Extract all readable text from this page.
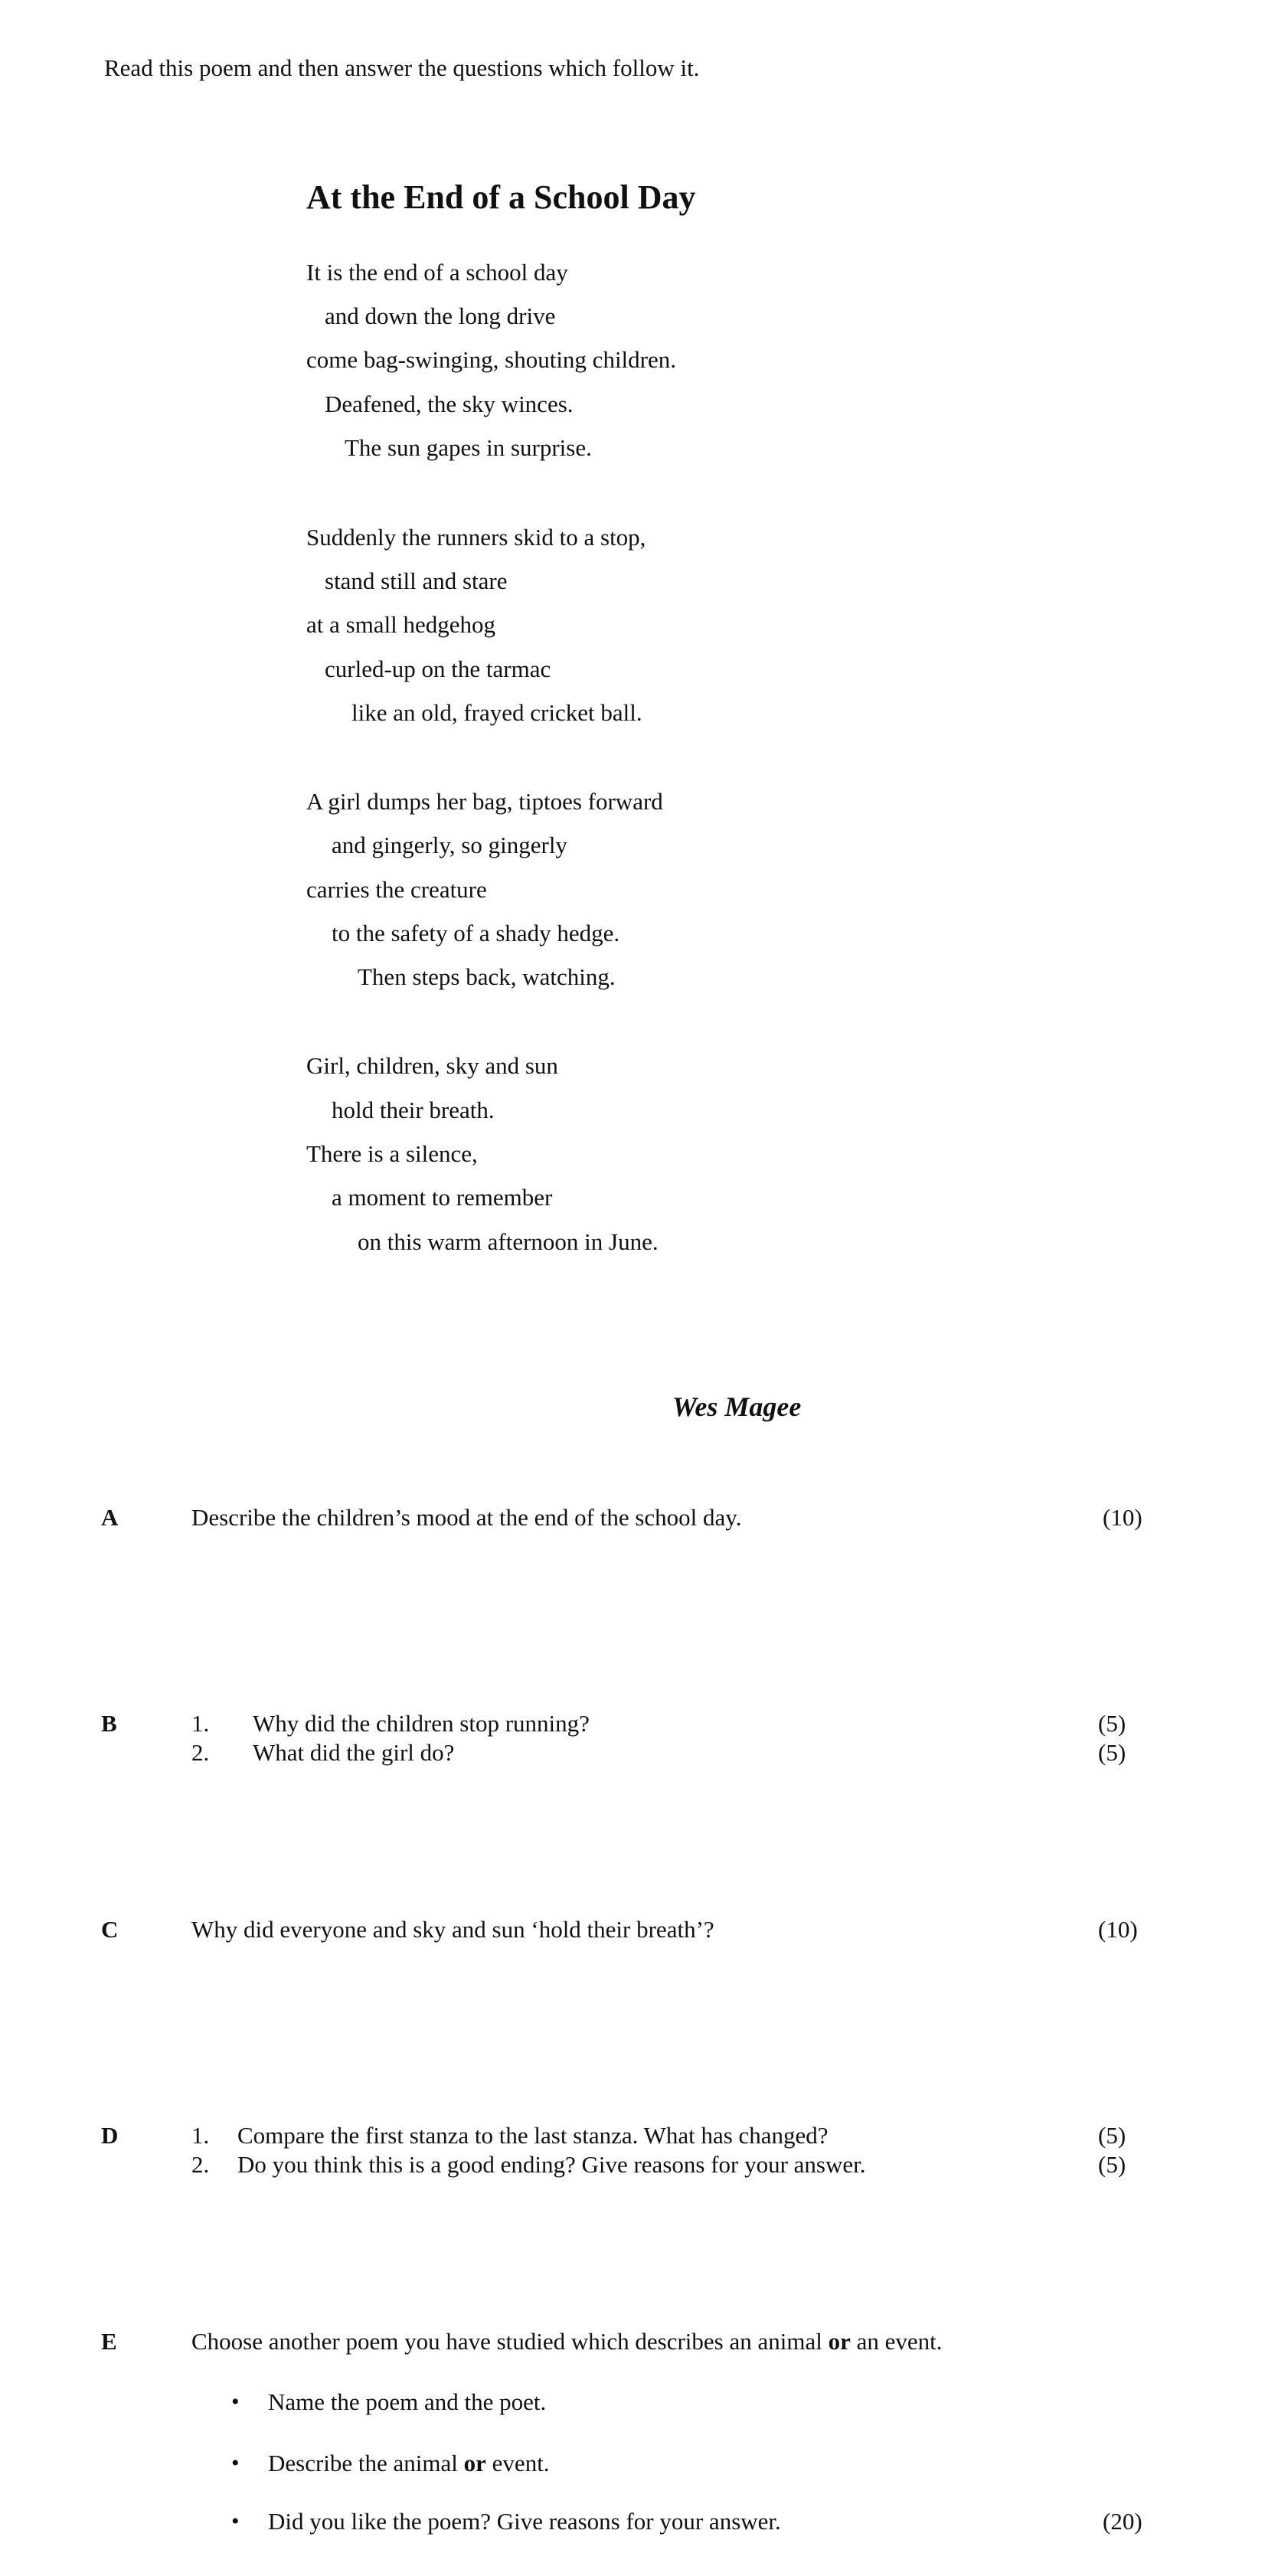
Read this poem and then answer the questions which follow it.
At the End of a School Day
It is the end of a school day
and down the long drive
come bag-swinging, shouting children.
Deafened, the sky winces.
The sun gapes in surprise.
Suddenly the runners skid to a stop,
stand still and stare
at a small hedgehog
curled-up on the tarmac
like an old, frayed cricket ball.
A girl dumps her bag, tiptoes forward
and gingerly, so gingerly
carries the creature
to the safety of a shady hedge.
Then steps back, watching.
Girl, children, sky and sun
hold their breath.
There is a silence,
a moment to remember
on this warm afternoon in June.
Wes Magee
A	Describe the children’s mood at the end of the school day.	(10)
B	1. Why did the children stop running?	(5)
2. What did the girl do?	(5)
C	Why did everyone and sky and sun ‘hold their breath’?	(10)
D	1. Compare the first stanza to the last stanza. What has changed?	(5)
2. Do you think this is a good ending? Give reasons for your answer.	(5)
E	Choose another poem you have studied which describes an animal or an event.
• Name the poem and the poet.
• Describe the animal or event.
• Did you like the poem? Give reasons for your answer.	(20)
